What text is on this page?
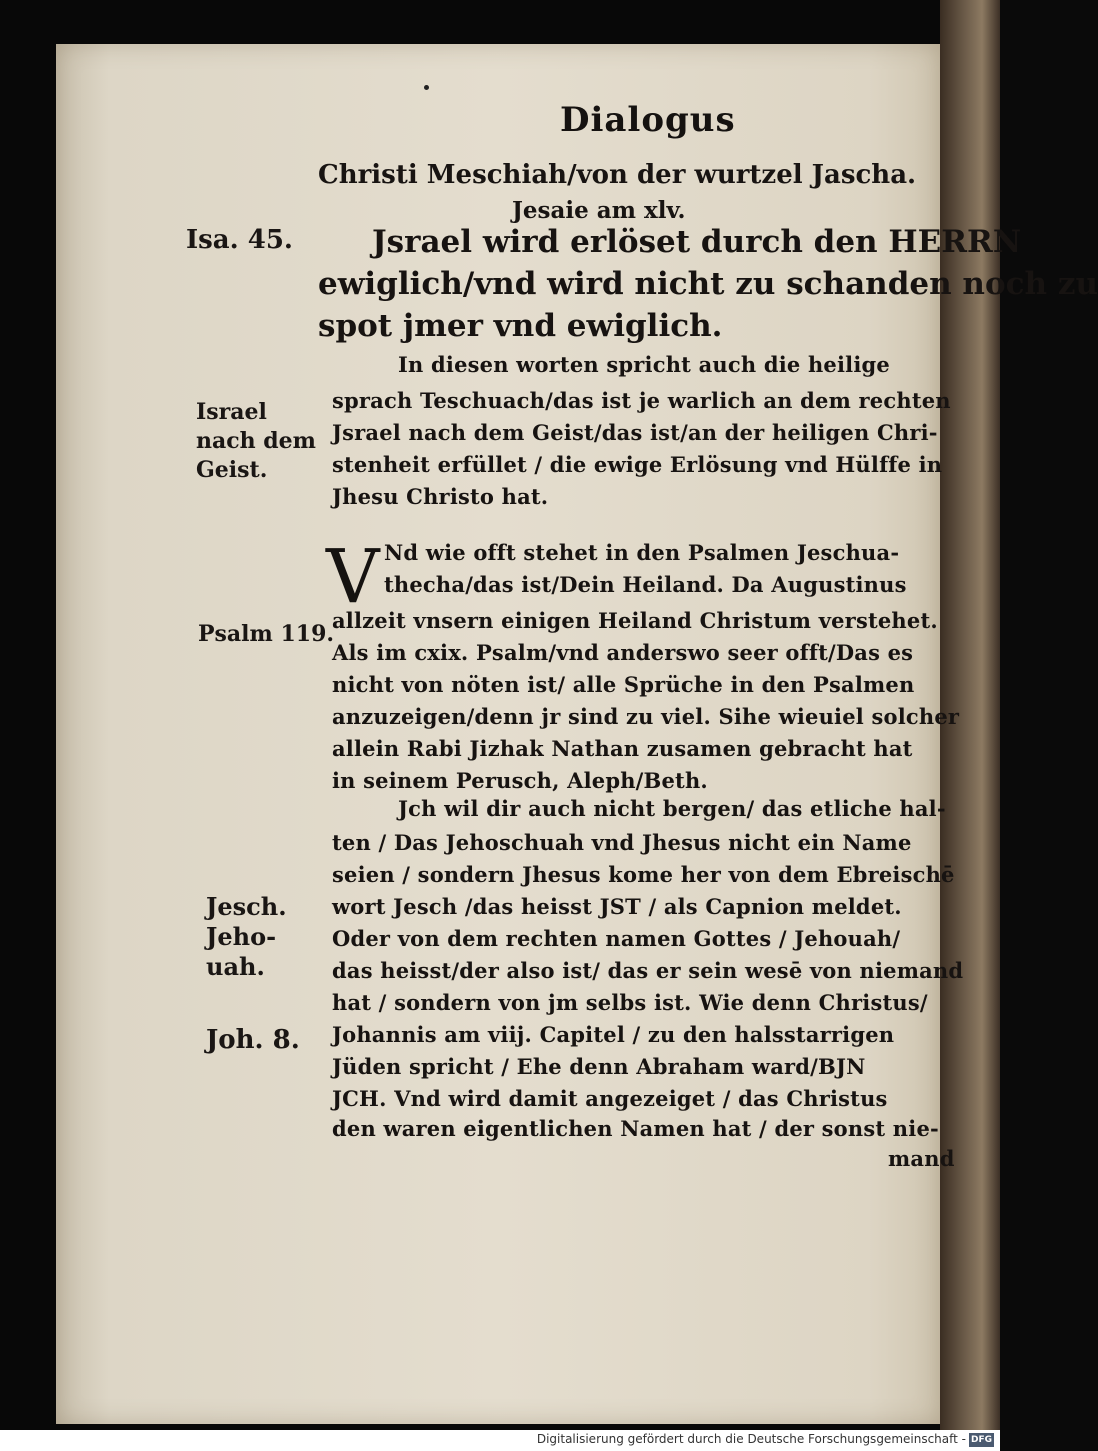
Dialogus
Christi Meschiah/von der wurtzel Jascha.
Jesaie am xlv.
Isa. 45.
Israel
nach dem
Geist.
Psalm 119.
Jesch.
Jeho-
uah.
Joh. 8.
Jsrael wird erlöset durch den HERRN
ewiglich/vnd wird nicht zu schanden noch zu
spot jmer vnd ewiglich.
In diesen worten spricht auch die heilige
sprach Teschuach/das ist je warlich an dem rechten
Jsrael nach dem Geist/das ist/an der heiligen Chri-
stenheit erfüllet / die ewige Erlösung vnd Hülffe in
Jhesu Christo hat.
V Nd wie offt stehet in den Psalmen Jeschua-
thecha/das ist/Dein Heiland. Da Augustinus
allzeit vnsern einigen Heiland Christum verstehet.
Als im cxix. Psalm/vnd anderswo seer offt/Das es
nicht von nöten ist/ alle Sprüche in den Psalmen
anzuzeigen/denn jr sind zu viel. Sihe wieuiel solcher
allein Rabi Jizhak Nathan zusamen gebracht hat
in seinem Perusch, Aleph/Beth.
Jch wil dir auch nicht bergen/ das etliche hal-
ten / Das Jehoschuah vnd Jhesus nicht ein Name
seien / sondern Jhesus kome her von dem Ebreischē
wort Jesch /das heisst JST / als Capnion meldet.
Oder von dem rechten namen Gottes / Jehouah/
das heisst/der also ist/ das er sein wesē von niemand
hat / sondern von jm selbs ist. Wie denn Christus/
Johannis am viij. Capitel / zu den halsstarrigen
Jüden spricht / Ehe denn Abraham ward/BJN
JCH. Vnd wird damit angezeiget / das Christus
den waren eigentlichen Namen hat / der sonst nie-
mand
Digitalisierung gefördert durch die Deutsche Forschungsgemeinschaft - DFG
